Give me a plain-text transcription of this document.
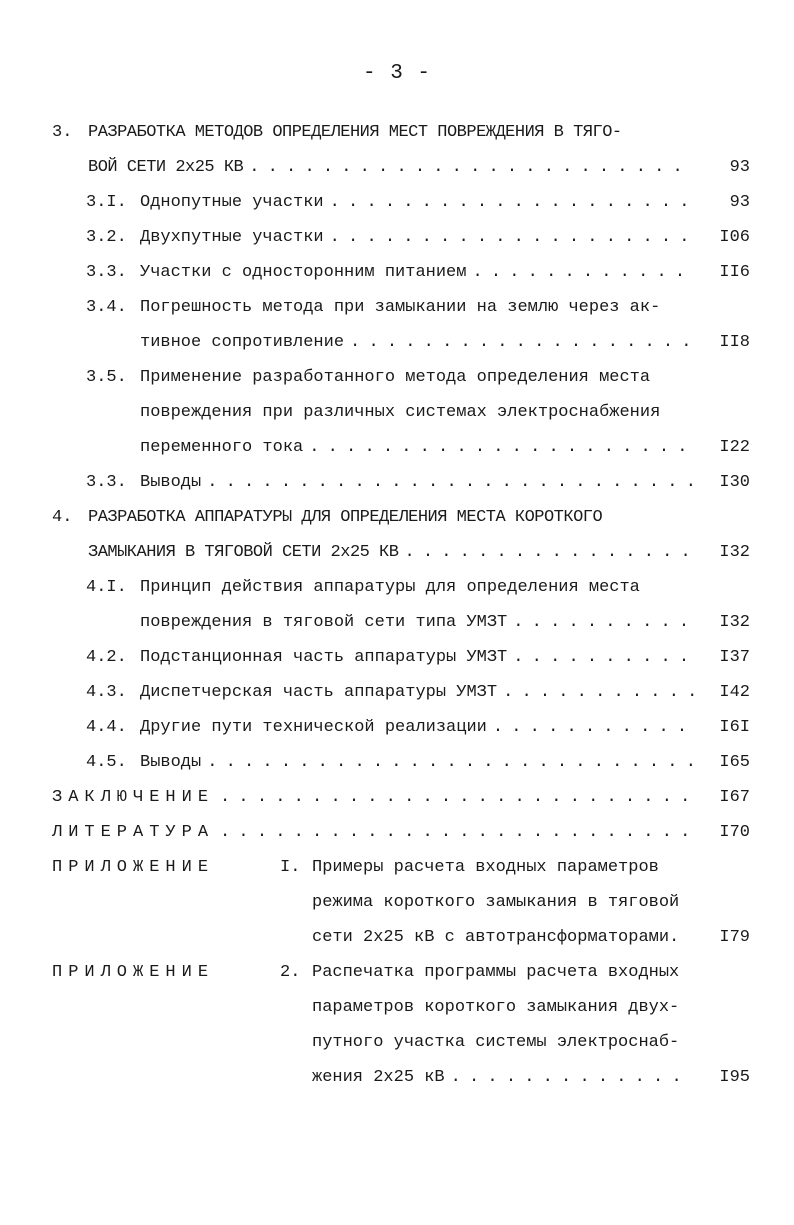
- 3 -
3. РАЗРАБОТКА МЕТОДОВ ОПРЕДЕЛЕНИЯ МЕСТ ПОВРЕЖДЕНИЯ В ТЯГО-
ВОЙ СЕТИ 2х25 КВ . . .	93
3.I. Однопутные участки . . .	93
3.2. Двухпутные участки . . .	I06
3.3. Участки с односторонним питанием . . .	II6
3.4. Погрешность метода при замыкании на землю через ак-
тивное сопротивление . . .	II8
3.5. Применение разработанного метода определения места
повреждения при различных системах электроснабжения
переменного тока . . .	I22
3.3. Выводы . . .	I30
4. РАЗРАБОТКА АППАРАТУРЫ ДЛЯ ОПРЕДЕЛЕНИЯ МЕСТА КОРОТКОГО
ЗАМЫКАНИЯ В ТЯГОВОЙ СЕТИ 2х25 КВ . . .	I32
4.I. Принцип действия аппаратуры для определения места
повреждения в тяговой сети типа УМЗТ . . .	I32
4.2. Подстанционная часть аппаратуры УМЗТ . . .	I37
4.3. Диспетчерская часть аппаратуры УМЗТ . . .	I42
4.4. Другие пути технической реализации . . .	I6I
4.5. Выводы . . .	I65
ЗАКЛЮЧЕНИЕ . . .	I67
ЛИТЕРАТУРА . . .	I70
ПРИЛОЖЕНИЕ	I. Примеры расчета входных параметров
режима короткого замыкания в тяговой
сети 2х25 кВ с автотрансформаторами.	I79
ПРИЛОЖЕНИЕ	2. Распечатка программы расчета входных
параметров короткого замыкания двух-
путного участка системы электроснаб-
жения 2х25 кВ . . .	I95
